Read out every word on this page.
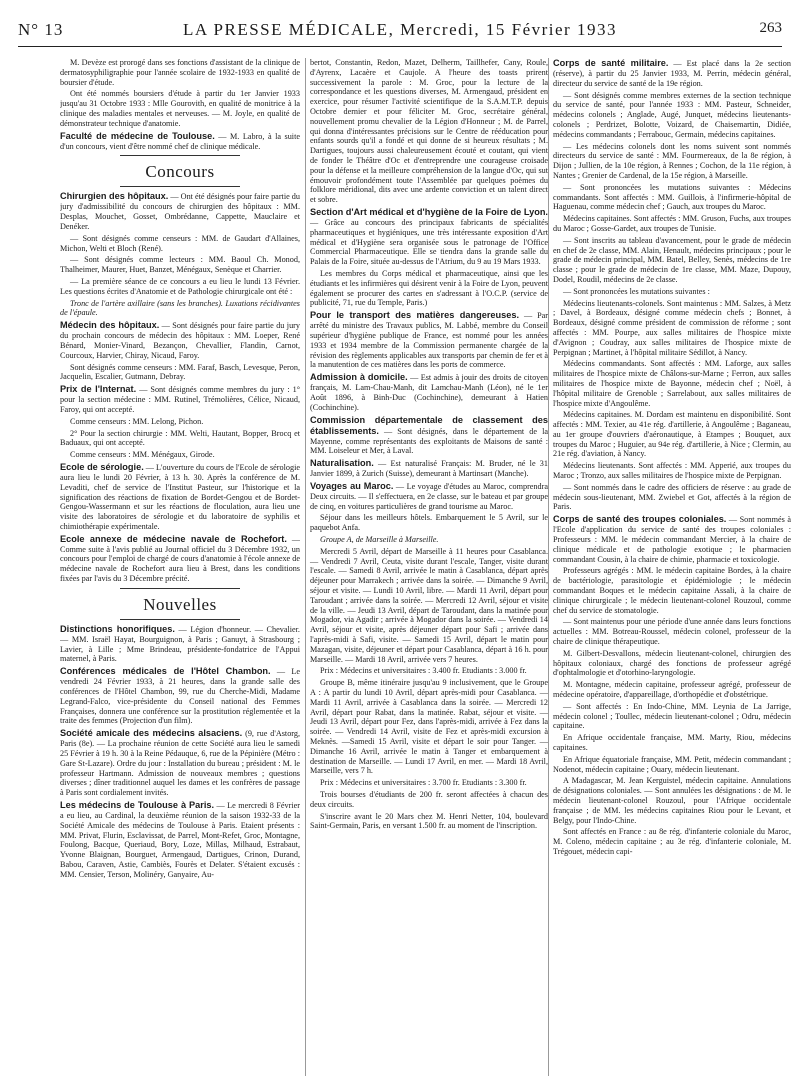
N° 13	LA PRESSE MÉDICALE, Mercredi, 15 Février 1933	263

M. Devèze est prorogé dans ses fonctions d'assistant de la clinique de dermatosyphiligraphie pour l'année scolaire de 1932-1933 en qualité de boursier d'étude.

Ont été nommés boursiers d'étude à partir du 1er Janvier 1933 jusqu'au 31 Octobre 1933 : Mlle Gourovith, en qualité de monitrice à la clinique des maladies mentales et nerveuses. — M. Joyle, en qualité de démonstrateur technique d'anatomie.

Faculté de médecine de Toulouse. — M. Labro, à la suite d'un concours, vient d'être nommé chef de clinique médicale.

Concours

Chirurgien des hôpitaux. — Ont été désignés pour faire partie du jury d'admissibilité du concours de chirurgien des hôpitaux : MM. Desplas, Mouchet, Gosset, Ombrédanne, Cappette, Mauclaire et Denéker.

— Sont désignés comme censeurs : MM. de Gaudart d'Allaines, Michon, Welti et Bloch (René).

— Sont désignés comme lecteurs : MM. Baoul Ch. Monod, Thalheimer, Maurer, Huet, Banzet, Ménégaux, Senèque et Charrier.

— La première séance de ce concours a eu lieu le lundi 13 Février. Les questions écrites d'Anatomie et de Pathologie chirurgicale ont été :

Tronc de l'artère axillaire (sans les branches). Luxations récidivantes de l'épaule.

Médecin des hôpitaux. — Sont désignés pour faire partie du jury du prochain concours de médecin des hôpitaux : MM. Loeper, René Bénard, Monier-Vinard, Bezançon, Chevallier, Flandin, Carnot, Courcoux, Harvier, Chiray, Nicaud, Faroy.

Sont désignés comme censeurs : MM. Faraf, Basch, Levesque, Peron, Jacquelin, Escalier, Gutmann, Debray.

Prix de l'Internat. — Sont désignés comme membres du jury : 1° pour la section médecine : MM. Rutinel, Trémolières, Célice, Nicaud, Faroy, qui ont accepté.

Comme censeurs : MM. Lelong, Pichon.

2° Pour la section chirurgie : MM. Welti, Hautant, Bopper, Brocq et Baduaux, qui ont accepté.

Comme censeurs : MM. Ménégaux, Girode.

Ecole de sérologie. — L'ouverture du cours de l'Ecole de sérologie aura lieu le lundi 20 Février, à 13 h. 30. Après la conférence de M. Levaditi, chef de service de l'Institut Pasteur, sur l'historique et la signification des réactions de fixation de Bordet-Gengou et de Bordet-Gengou-Wassermann et sur les réactions de floculation, aura lieu une visite des laboratoires de sérologie et du laboratoire de syphilis et chimiothérapie expérimentale.

Ecole annexe de médecine navale de Rochefort. — Comme suite à l'avis publié au Journal officiel du 3 Décembre 1932, un concours pour l'emploi de chargé de cours d'anatomie à l'école annexe de médecine navale de Rochefort aura lieu à Brest, dans les conditions fixées par l'avis du 3 Décembre précité.

Nouvelles

Distinctions honorifiques. — Légion d'honneur. — Chevalier. — MM. Israël Hayat, Bourguignon, à Paris ; Ganuyt, à Strasbourg ; Lavier, à Lille ; Mme Brindeau, présidente-fondatrice de l'Appui maternel, à Paris.

Conférences médicales de l'Hôtel Chambon. — Le vendredi 24 Février 1933, à 21 heures, dans la grande salle des conférences de l'Hôtel Chambon, 99, rue du Cherche-Midi, Madame Legrand-Falco, vice-présidente du Conseil national des Femmes Françaises, donnera une conférence sur la prostitution réglementée et la traite des femmes (Projection d'un film).

Société amicale des médecins alsaciens. (9, rue d'Astorg, Paris (8e). — La prochaine réunion de cette Société aura lieu le samedi 25 Février à 19 h. 30 à la Reine Pédauque, 6, rue de la Pépinière (Métro : Gare St-Lazare). Ordre du jour : Installation du bureau ; président : M. le professeur Hartmann. Admission de nouveaux membres ; questions diverses ; dîner traditionnel auquel les dames et les confrères de passage à Paris sont cordialement invités.

Les médecins de Toulouse à Paris. — Le mercredi 8 Février a eu lieu, au Cardinal, la deuxième réunion de la saison 1932-33 de la Société Amicale des médecins de Toulouse à Paris. Etaient présents : MM. Privat, Flurin, Esclavissat, de Parrel, Mont-Refet, Groc, Montagne, Foulong, Bacque, Queriaud, Bory, Loze, Millas, Milhaud, Estrabaut, Yvonne Blaignan, Bourguet, Armengaud, Dartigues, Crinon, Durand, Babou, Caraven, Astie, Cambiès, Fourès et Delater. S'étaient excusés : MM. Censier, Terson, Molinéry, Ganyaire, Au-

bertot, Constantin, Redon, Mazet, Delherm, Taillhefer, Cany, Roule, d'Ayrenx, Lacaère et Caujole. A l'heure des toasts prirent successivement la parole : M. Groc, pour la lecture de la correspondance et les questions diverses, M. Armengaud, président en exercice, pour résumer l'activité scientifique de la S.A.M.T.P. depuis Octobre dernier et pour féliciter M. Groc, secrétaire général, nouvellement promu chevalier de la Légion d'Honneur ; M. de Parrel, qui donna d'intéressantes précisions sur le Centre de rééducation pour enfants sourds qu'il a fondé et qui donne de si heureux résultats ; M. Dartigues, toujours aussi chaleureusement écouté et coutant, qui vient de fonder le Théâtre d'Oc et d'entreprendre une courageuse croisade pour la défense et la meilleure compréhension de la langue d'Oc, qui sut émouvoir profondément toute l'Assemblée par quelques poèmes du folklore méridional, dits avec une ardente conviction et un talent direct et sobre.

Section d'Art médical et d'hygiène de la Foire de Lyon. — Grâce au concours des principaux fabricants de spécialités pharmaceutiques et hygiéniques, une très intéressante exposition d'Art médical et d'Hygiène sera organisée sous le patronage de l'Office Commercial Pharmaceutique. Elle se tiendra dans la grande salle du Palais de la Foire, située au-dessus de l'Atrium, du 9 au 19 Mars 1933.

Les membres du Corps médical et pharmaceutique, ainsi que les étudiants et les infirmières qui désirent venir à la Foire de Lyon, peuvent également se procurer des cartes en s'adressant à l'O.C.P. (service de publicité, 71, rue du Temple, Paris.)

Pour le transport des matières dangereuses. — Par arrêté du ministre des Travaux publics, M. Labbé, membre du Conseil supérieur d'hygiène publique de France, est nommé pour les années 1933 et 1934 membre de la Commission permanente chargée de la révision des règlements applicables aux transports par chemin de fer et à la manutention de ces matières dans les ports de commerce.

Admission à domicile. — Est admis à jouir des droits de citoyen français, M. Lam-Chau-Manh, dit Lamchau-Manh (Léon), né le 1er Août 1896, à Binh-Duc (Cochinchine), demeurant à Hatien (Cochinchine).

Commission départementale de classement des établissements. — Sont désignés, dans le département de la Mayenne, comme représentants des exploitants de Maisons de santé : MM. Loiseleur et Mer, à Laval.

Naturalisation. — Est naturalisé Français: M. Bruder, né le 31 Janvier 1899, à Zurich (Suisse), demeurant à Martinsart (Manche).

Voyages au Maroc. — Le voyage d'études au Maroc, comprendra Deux circuits. — Il s'effectuera, en 2e classe, sur le bateau et par groupe de cinq, en voitures particulières de grand tourisme au Maroc.

Séjour dans les meilleurs hôtels. Embarquement le 5 Avril, sur le paquebot Anfa.

Groupe A, de Marseille à Marseille.

Mercredi 5 Avril, départ de Marseille à 11 heures pour Casablanca. — Vendredi 7 Avril, Ceuta, visite durant l'escale, Tanger, visite durant l'escale. — Samedi 8 Avril, arrivée le matin à Casablanca, départ après déjeuner pour Marrakech ; arrivée dans la soirée. — Dimanche 9 Avril, séjour et visite. — Lundi 10 Avril, libre. — Mardi 11 Avril, départ pour Taroudant ; arrivée dans la soirée. — Mercredi 12 Avril, séjour et visite de la ville. — Jeudi 13 Avril, départ de Taroudant, dans la matinée pour Mogador, via Agadir ; arrivée à Mogador dans la soirée. — Vendredi 14 Avril, séjour et visite, après déjeuner départ pour Safi ; arrivée dans l'après-midi à Safi, visite. — Samedi 15 Avril, départ le matin pour Mazagan, visite, déjeuner et départ pour Casablanca, départ à 16 h. pour Marseille. — Mardi 18 Avril, arrivée vers 7 heures.

Prix : Médecins et universitaires : 3.400 fr. Etudiants : 3.000 fr.

Groupe B, même itinéraire jusqu'au 9 inclusivement, que le Groupe A : A partir du lundi 10 Avril, départ après-midi pour Casablanca. — Mardi 11 Avril, arrivée à Casablanca dans la soirée. — Mercredi 12 Avril, départ pour Rabat, dans la matinée. Rabat, séjour et visite. — Jeudi 13 Avril, départ pour Fez, dans l'après-midi, arrivée à Fez dans la soirée. — Vendredi 14 Avril, visite de Fez et après-midi excursion à Meknès. —Samedi 15 Avril, visite et départ le soir pour Tanger. — Dimanche 16 Avril, arrivée le matin à Tanger et embarquement à destination de Marseille. — Lundi 17 Avril, en mer. — Mardi 18 Avril, Marseille, vers 7 h.

Prix : Médecins et universitaires : 3.700 fr. Etudiants : 3.300 fr.

Trois bourses d'étudiants de 200 fr. seront affectées à chacun des deux circuits.

S'inscrire avant le 20 Mars chez M. Henri Netter, 104, boulevard Saint-Germain, Paris, en versant 1.500 fr. au moment de l'inscription.

Corps de santé militaire. — Est placé dans la 2e section (réserve), à partir du 25 Janvier 1933, M. Perrin, médecin général, directeur du service de santé de la 19e région.

— Sont désignés comme membres externes de la section technique du service de santé, pour l'année 1933 : MM. Pasteur, Schneider, médecins colonels ; Anglade, Augé, Junquet, médecins lieutenants-colonels ; Perdrizet, Bolotte, Voizard, de Chaisemartin, Didiée, médecins commandants ; Ferrabouc, Germain, médecins capitaines.

— Les médecins colonels dont les noms suivent sont nommés directeurs du service de santé : MM. Fourmereaux, de la 8e région, à Dijon ; Jullien, de la 10e région, à Rennes ; Cochon, de la 11e région, à Nantes ; Grenier de Cardenal, de la 15e région, à Marseille.

— Sont prononcées les mutations suivantes : Médecins commandants. Sont affectés : MM. Guillois, à l'infirmerie-hôpital de Haguenau, comme médecin chef ; Gauch, aux troupes du Maroc.

Médecins capitaines. Sont affectés : MM. Gruson, Fuchs, aux troupes du Maroc ; Gosse-Gardet, aux troupes de Tunisie.

— Sont inscrits au tableau d'avancement, pour le grade de médecin en chef de 2e classe, MM. Alain, Henault, médecins principaux ; pour le grade de médecin principal, MM. Batel, Belley, Senès, médecins de 1re classe ; pour le grade de médecin de 1re classe, MM. Maze, Dupouy, Dodel, Roudil, médecins de 2e classe.

— Sont prononcées les mutations suivantes :

Médecins lieutenants-colonels. Sont maintenus : MM. Salzes, à Metz ; Davel, à Bordeaux, désigné comme médecin chefs ; Bonnet, à Bordeaux, désigné comme président de commission de réforme ; sont affectés : MM. Pourpe, aux salles militaires de l'hospice mixte d'Avignon ; Coudray, aux salles militaires de l'hospice mixte de Perpignan ; Martinet, à l'hôpital militaire Sédillot, à Nancy.

Médecins commandants. Sont affectés : MM. Laforge, aux salles militaires de l'hospice mixte de Châlons-sur-Marne ; Ferron, aux salles militaires de l'hospice mixte de Bayonne, médecin chef ; Noël, à l'hôpital militaire de Grenoble ; Sarrelabout, aux salles militaires de l'hospice mixte d'Angoulême.

Médecins capitaines. M. Dordam est maintenu en disponibilité. Sont affectés : MM. Texier, au 41e rég. d'artillerie, à Angoulême ; Baganeau, au 1er groupe d'ouvriers d'aéronautique, à Etampes ; Bouquet, aux troupes du Maroc ; Huguier, au 94e rég. d'artillerie, à Nice ; Clermin, au 21e rég. d'aviation, à Nancy.

Médecins lieutenants. Sont affectés : MM. Apperié, aux troupes du Maroc ; Tronzo, aux salles militaires de l'hospice mixte de Perpignan.

— Sont nommés dans le cadre des officiers de réserve : au grade de médecin sous-lieutenant, MM. Zwiebel et Got, affectés à la région de Paris.

Corps de santé des troupes coloniales. — Sont nommés à l'Ecole d'application du service de santé des troupes coloniales : Professeurs : MM. le médecin commandant Mercier, à la chaire de clinique médicale et de pathologie exotique ; le pharmacien commandant Cousin, à la chaire de chimie, pharmacie et toxicologie.

Professeurs agrégés : MM. le médecin capitaine Bordes, à la chaire de bactériologie, parasitologie et épidémiologie ; le médecin commandant Boques et le médecin capitaine Assali, à la chaire de clinique chirurgicale ; le médecin lieutenant-colonel Rouzoul, comme chef du service de stomatologie.

— Sont maintenus pour une période d'une année dans leurs fonctions actuelles : MM. Botreau-Roussel, médecin colonel, professeur de la chaire de clinique thérapeutique.

M. Gilbert-Desvallons, médecin lieutenant-colonel, chirurgien des hôpitaux coloniaux, chargé des fonctions de professeur agrégé d'ophtalmologie et d'otorhino-laryngologie.

M. Montagne, médecin capitaine, professeur agrégé, professeur de médecine opératoire, d'appareillage, d'orthopédie et d'obstétrique.

— Sont affectés : En Indo-Chine, MM. Leynia de La Jarrige, médecin colonel ; Toullec, médecin lieutenant-colonel ; Odru, médecin capitaine.

En Afrique occidentale française, MM. Marty, Riou, médecins capitaines.

En Afrique équatoriale française, MM. Petit, médecin commandant ; Nodenot, médecin capitaine ; Ouary, médecin lieutenant.

A Madagascar, M. Jean Kerguistel, médecin capitaine. Annulations de désignations coloniales. — Sont annulées les désignations : de M. le médecin lieutenant-colonel Rouzoul, pour l'Afrique occidentale française ; de MM. les médecins capitaines Riou pour le Levant, et Belgy, pour l'Indo-Chine.

Sont affectés en France : au 8e rég. d'infanterie coloniale du Maroc, M. Coleno, médecin capitaine ; au 3e rég. d'infanterie coloniale, M. Trégouet, médecin capi-
